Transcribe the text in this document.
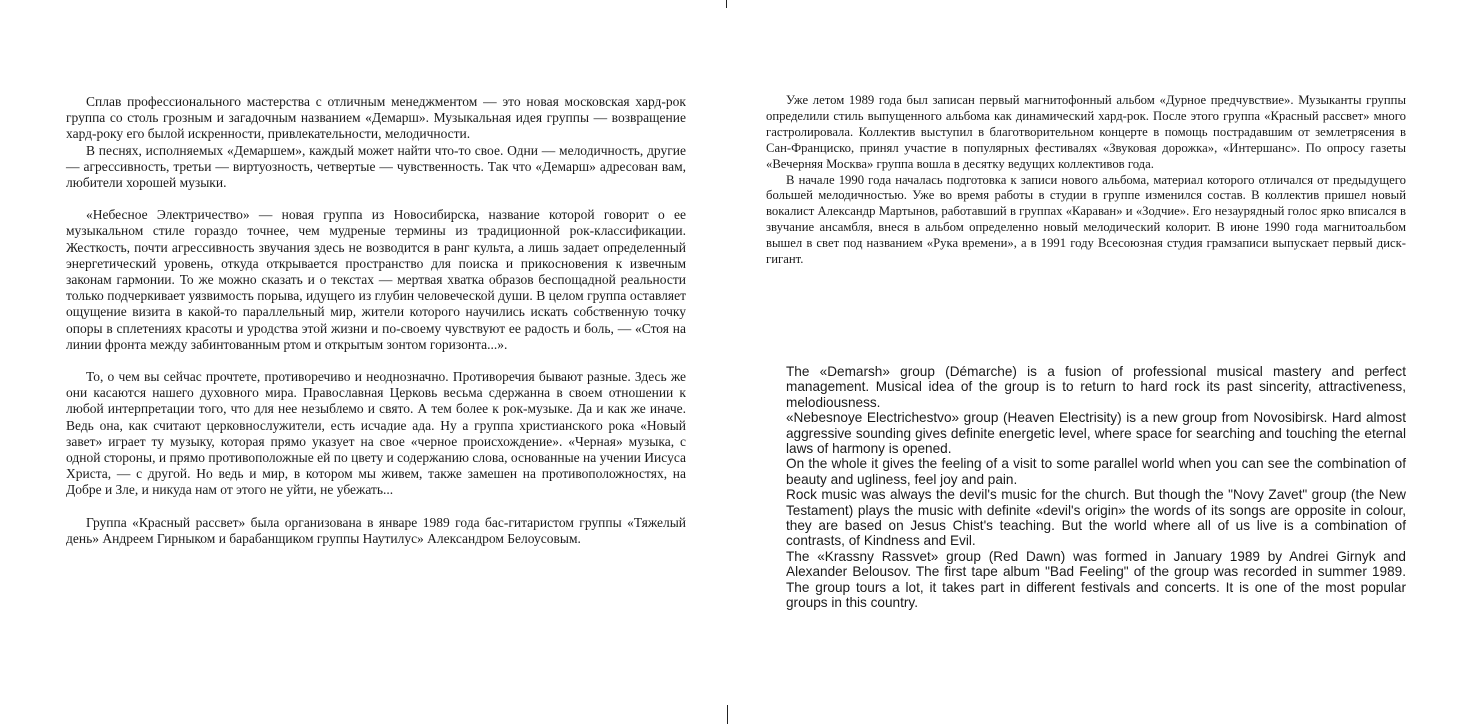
Сплав профессионального мастерства с отличным менеджментом — это новая московская хард-рок группа со столь грозным и загадочным названием «Демарш». Музыкальная идея группы — возвращение хард-року его былой искренности, привлекательности, мелодичности.

В песнях, исполняемых «Демаршем», каждый может найти что-то свое. Одни — мелодичность, другие — агрессивность, третьи — виртуозность, четвертые — чувственность. Так что «Демарш» адресован вам, любители хорошей музыки.

«Небесное Электричество» — новая группа из Новосибирска, название которой говорит о ее музыкальном стиле гораздо точнее, чем мудреные термины из традиционной рок-классификации. Жесткость, почти агрессивность звучания здесь не возводится в ранг культа, а лишь задает определенный энергетический уровень, откуда открывается пространство для поиска и прикосновения к извечным законам гармонии. То же можно сказать и о текстах — мертвая хватка образов беспощадной реальности только подчеркивает уязвимость порыва, идущего из глубин человеческой души. В целом группа оставляет ощущение визита в какой-то параллельный мир, жители которого научились искать собственную точку опоры в сплетениях красоты и уродства этой жизни и по-своему чувствуют ее радость и боль, — «Стоя на линии фронта между забинтованным ртом и открытым зонтом горизонта...».

То, о чем вы сейчас прочтете, противоречиво и неоднозначно. Противоречия бывают разные. Здесь же они касаются нашего духовного мира. Православная Церковь весьма сдержанна в своем отношении к любой интерпретации того, что для нее незыблемо и свято. А тем более к рок-музыке. Да и как же иначе. Ведь она, как считают церковнослужители, есть исчадие ада. Ну а группа христианского рока «Новый завет» играет ту музыку, которая прямо указует на свое «черное происхождение». «Черная» музыка, с одной стороны, и прямо противоположные ей по цвету и содержанию слова, основанные на учении Иисуса Христа, — с другой. Но ведь и мир, в котором мы живем, также замешен на противоположностях, на Добре и Зле, и никуда нам от этого не уйти, не убежать...

Группа «Красный рассвет» была организована в январе 1989 года бас-гитаристом группы «Тяжелый день» Андреем Гирныком и барабанщиком группы Наутилус» Александром Белоусовым.

Уже летом 1989 года был записан первый магнитофонный альбом «Дурное предчувствие». Музыканты группы определили стиль выпущенного альбома как динамический хард-рок. После этого группа «Красный рассвет» много гастролировала. Коллектив выступил в благотворительном концерте в помощь пострадавшим от землетрясения в Сан-Франциско, принял участие в популярных фестивалях «Звуковая дорожка», «Интершанс». По опросу газеты «Вечерняя Москва» группа вошла в десятку ведущих коллективов года.

В начале 1990 года началась подготовка к записи нового альбома, материал которого отличался от предыдущего большей мелодичностью. Уже во время работы в студии в группе изменился состав. В коллектив пришел новый вокалист Александр Мартынов, работавший в группах «Караван» и «Зодчие». Его незаурядный голос ярко вписался в звучание ансамбля, внеся в альбом определенно новый мелодический колорит. В июне 1990 года магнитоальбом вышел в свет под названием «Рука времени», а в 1991 году Всесоюзная студия грамзаписи выпускает первый диск-гигант.

The «Demarsh» group (Démarche) is a fusion of professional musical mastery and perfect management. Musical idea of the group is to return to hard rock its past sincerity, attractiveness, melodiousness.

«Nebesnoye Electrichestvo» group (Heaven Electrisity) is a new group from Novosibirsk. Hard almost aggressive sounding gives definite energetic level, where space for searching and touching the eternal laws of harmony is opened.

On the whole it gives the feeling of a visit to some parallel world when you can see the combination of beauty and ugliness, feel joy and pain.

Rock music was always the devil's music for the church. But though the "Novy Zavet" group (the New Testament) plays the music with definite «devil's origin» the words of its songs are opposite in colour, they are based on Jesus Chist's teaching. But the world where all of us live is a combination of contrasts, of Kindness and Evil.

The «Krassny Rassvet» group (Red Dawn) was formed in January 1989 by Andrei Girnyk and Alexander Belousov. The first tape album "Bad Feeling" of the group was recorded in summer 1989. The group tours a lot, it takes part in different festivals and concerts. It is one of the most popular groups in this country.
